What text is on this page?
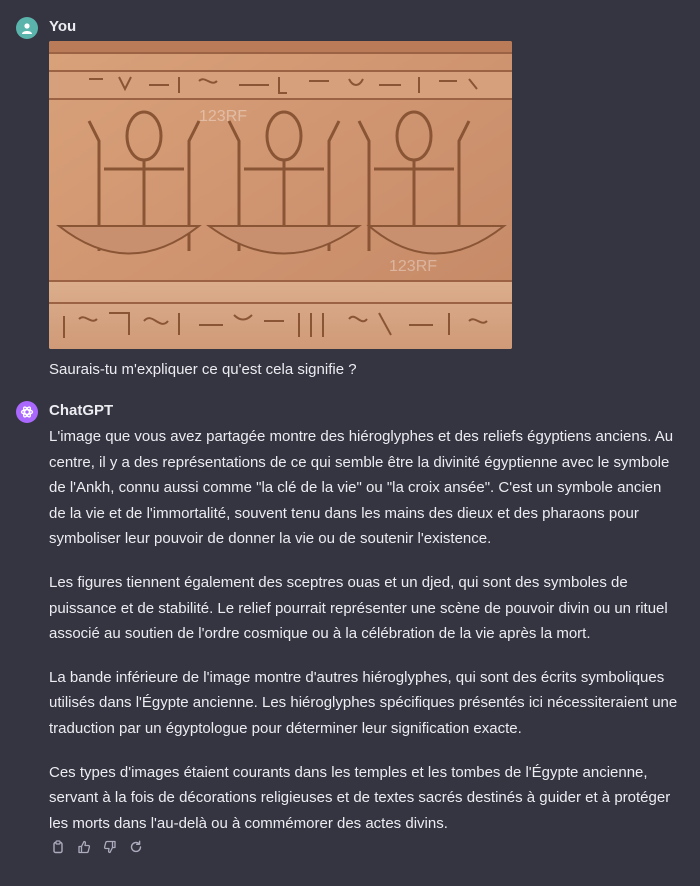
You
123RF
123RF
Saurais-tu m'expliquer ce qu'est cela signifie ?
ChatGPT

L'image que vous avez partagée montre des hiéroglyphes et des reliefs égyptiens anciens. Au centre, il y a des représentations de ce qui semble être la divinité égyptienne avec le symbole de l'Ankh, connu aussi comme "la clé de la vie" ou "la croix ansée". C'est un symbole ancien de la vie et de l'immortalité, souvent tenu dans les mains des dieux et des pharaons pour symboliser leur pouvoir de donner la vie ou de soutenir l'existence.

Les figures tiennent également des sceptres ouas et un djed, qui sont des symboles de puissance et de stabilité. Le relief pourrait représenter une scène de pouvoir divin ou un rituel associé au soutien de l'ordre cosmique ou à la célébration de la vie après la mort.

La bande inférieure de l'image montre d'autres hiéroglyphes, qui sont des écrits symboliques utilisés dans l'Égypte ancienne. Les hiéroglyphes spécifiques présentés ici nécessiteraient une traduction par un égyptologue pour déterminer leur signification exacte.

Ces types d'images étaient courants dans les temples et les tombes de l'Égypte ancienne, servant à la fois de décorations religieuses et de textes sacrés destinés à guider et à protéger les morts dans l'au-delà ou à commémorer des actes divins.
